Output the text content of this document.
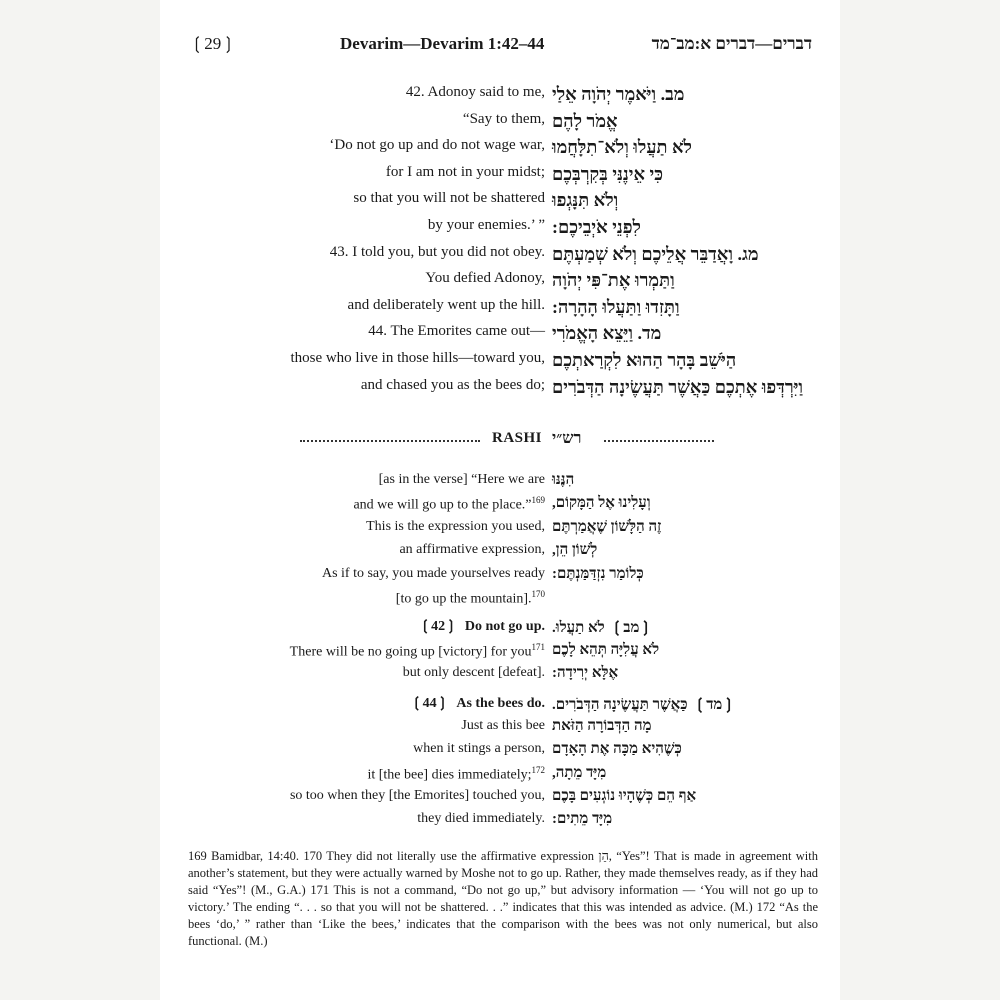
❲29❳	Devarim—Devarim 1:42–44	דברים—דברים א:מב־מד
42. Adonoy said to me, מב. וַיֹּאמֶר יְהֹוָה אֵלַי
“Say to them, אֱמֹר לָהֶם
‘Do not go up and do not wage war, לֹא תַעֲלוּ וְלֹא־תִלָּחֲמוּ
for I am not in your midst; כִּי אֵינֶנִּי בְּקִרְבְּכֶם
so that you will not be shattered וְלֹא תִּנָּגְפוּ
by your enemies.’ ” לִפְנֵי אֹיְבֵיכֶם:
43. I told you, but you did not obey. מג. וָאֲדַבֵּר אֲלֵיכֶם וְלֹא שְׁמַעְתֶּם
You defied Adonoy, וַתַּמְרוּ אֶת־פִּי יְהֹוָה
and deliberately went up the hill. וַתָּזִדוּ וַתַּעֲלוּ הָהָרָה:
44. The Emorites came out— מד. וַיֵּצֵא הָאֱמֹרִי
those who live in those hills—toward you, הַיֹּשֵׁב בָּהָר הַהוּא לִקְרַאתְכֶם
and chased you as the bees do; וַיִּרְדְּפוּ אֶתְכֶם כַּאֲשֶׁר תַּעֲשֶׂינָה הַדְּבֹרִים
RASHI רש״י
[as in the verse] “Here we are הִנֶּנּוּ
and we will go up to the place.”$^{169}$ וְעָלִינוּ אֶל הַמָּקוֹם,
This is the expression you used, זֶה הַלָּשׁוֹן שֶׁאֲמַרְתֶּם
an affirmative expression, לְשׁוֹן הֵן,
As if to say, you made yourselves ready כְּלוֹמַר נִזְדַּמַּנְתֶּם:
[to go up the mountain].$^{170}$
❲42❳ Do not go up.	❲מב❳לֹא תַעֲלוּ.
There will be no going up [victory] for you$^{171}$ לֹא עֲלִיָּה תְּהֵא לָכֶם
but only descent [defeat]. אֶלָּא יְרִידָה:
❲44❳ As the bees do.	❲מד❳כַּאֲשֶׁר תַּעֲשֶׂינָה הַדְּבֹרִים.
Just as this bee מָה הַדְּבוֹרָה הַזֹּאת
when it stings a person, כְּשֶׁהִיא מַכָּה אֶת הָאָדָם
it [the bee] dies immediately;$^{172}$ מִיָּד מֵתָה,
so too when they [the Emorites] touched you, אַף הֵם כְּשֶׁהָיוּ נוֹגְעִים בָּכֶם
they died immediately. מִיָּד מֵתִים:
169 Bamidbar, 14:40. 170 They did not literally use the affirmative expression הֵן, “Yes”! That is made in agreement with another’s statement, but they were actually warned by Moshe not to go up. Rather, they made themselves ready, as if they had said “Yes”! (M., G.A.) 171 This is not a command, “Do not go up,” but advisory information — ‘You will not go up to victory.’ The ending “. . . so that you will not be shattered. . .” indicates that this was intended as advice. (M.) 172 “As the bees ‘do,’ ” rather than ‘Like the bees,’ indicates that the comparison with the bees was not only numerical, but also functional. (M.)
